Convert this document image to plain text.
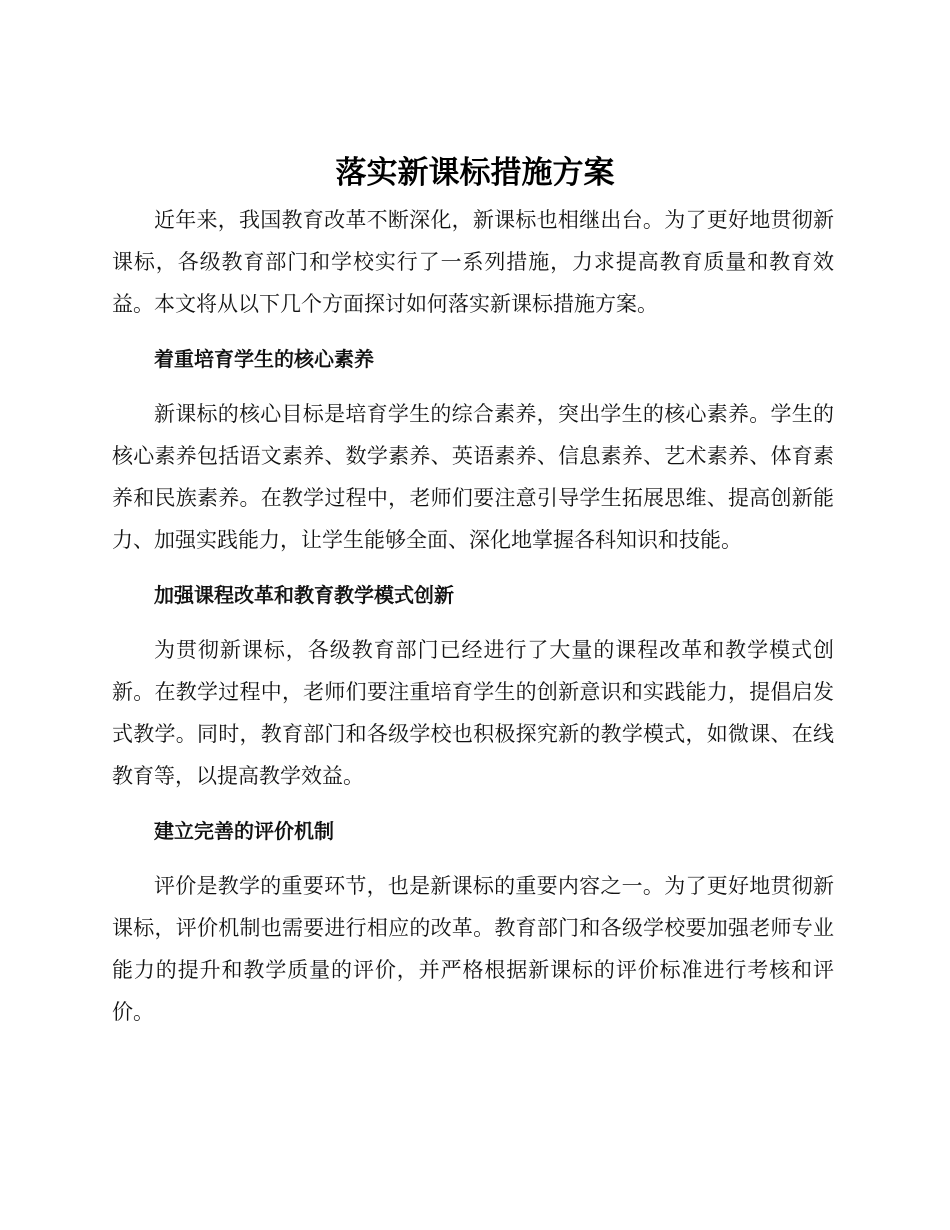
落实新课标措施方案

近年来，我国教育改革不断深化，新课标也相继出台。为了更好地贯彻新课标，各级教育部门和学校实行了一系列措施，力求提高教育质量和教育效益。本文将从以下几个方面探讨如何落实新课标措施方案。

着重培育学生的核心素养

新课标的核心目标是培育学生的综合素养，突出学生的核心素养。学生的核心素养包括语文素养、数学素养、英语素养、信息素养、艺术素养、体育素养和民族素养。在教学过程中，老师们要注意引导学生拓展思维、提高创新能力、加强实践能力，让学生能够全面、深化地掌握各科知识和技能。

加强课程改革和教育教学模式创新

为贯彻新课标，各级教育部门已经进行了大量的课程改革和教学模式创新。在教学过程中，老师们要注重培育学生的创新意识和实践能力，提倡启发式教学。同时，教育部门和各级学校也积极探究新的教学模式，如微课、在线教育等，以提高教学效益。

建立完善的评价机制

评价是教学的重要环节，也是新课标的重要内容之一。为了更好地贯彻新课标，评价机制也需要进行相应的改革。教育部门和各级学校要加强老师专业能力的提升和教学质量的评价，并严格根据新课标的评价标准进行考核和评价。
